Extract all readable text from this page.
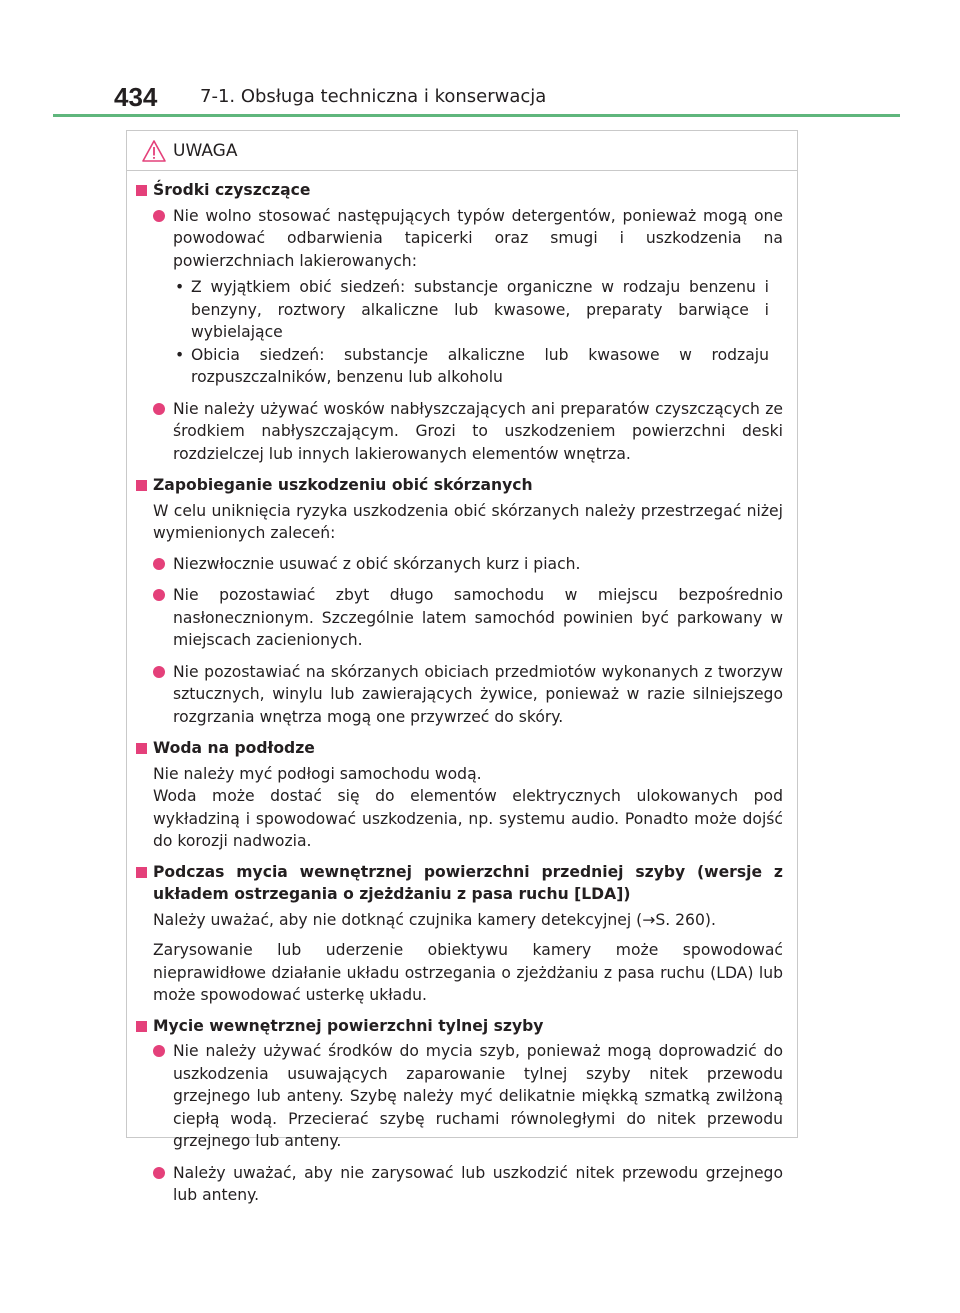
434 7-1. Obsługa techniczna i konserwacja
UWAGA
Środki czyszczące
Nie wolno stosować następujących typów detergentów, ponieważ mogą one powodować odbarwienia tapicerki oraz smugi i uszkodzenia na powierzchniach lakierowanych:
• Z wyjątkiem obić siedzeń: substancje organiczne w rodzaju benzenu i benzyny, roztwory alkaliczne lub kwasowe, preparaty barwiące i wybielające
• Obicia siedzeń: substancje alkaliczne lub kwasowe w rodzaju rozpuszczalników, benzenu lub alkoholu
Nie należy używać wosków nabłyszczających ani preparatów czyszczących ze środkiem nabłyszczającym. Grozi to uszkodzeniem powierzchni deski rozdzielczej lub innych lakierowanych elementów wnętrza.
Zapobieganie uszkodzeniu obić skórzanych
W celu uniknięcia ryzyka uszkodzenia obić skórzanych należy przestrzegać niżej wymienionych zaleceń:
Niezwłocznie usuwać z obić skórzanych kurz i piach.
Nie pozostawiać zbyt długo samochodu w miejscu bezpośrednio nasłonecznionym. Szczególnie latem samochód powinien być parkowany w miejscach zacienionych.
Nie pozostawiać na skórzanych obiciach przedmiotów wykonanych z tworzyw sztucznych, winylu lub zawierających żywice, ponieważ w razie silniejszego rozgrzania wnętrza mogą one przywrzeć do skóry.
Woda na podłodze
Nie należy myć podłogi samochodu wodą.
Woda może dostać się do elementów elektrycznych ulokowanych pod wykładziną i spowodować uszkodzenia, np. systemu audio. Ponadto może dojść do korozji nadwozia.
Podczas mycia wewnętrznej powierzchni przedniej szyby (wersje z układem ostrzegania o zjeżdżaniu z pasa ruchu [LDA])
Należy uważać, aby nie dotknąć czujnika kamery detekcyjnej (→S. 260).
Zarysowanie lub uderzenie obiektywu kamery może spowodować nieprawidłowe działanie układu ostrzegania o zjeżdżaniu z pasa ruchu (LDA) lub może spowodować usterkę układu.
Mycie wewnętrznej powierzchni tylnej szyby
Nie należy używać środków do mycia szyb, ponieważ mogą doprowadzić do uszkodzenia usuwających zaparowanie tylnej szyby nitek przewodu grzejnego lub anteny. Szybę należy myć delikatnie miękką szmatką zwilżoną ciepłą wodą. Przecierać szybę ruchami równoległymi do nitek przewodu grzejnego lub anteny.
Należy uważać, aby nie zarysować lub uszkodzić nitek przewodu grzejnego lub anteny.
